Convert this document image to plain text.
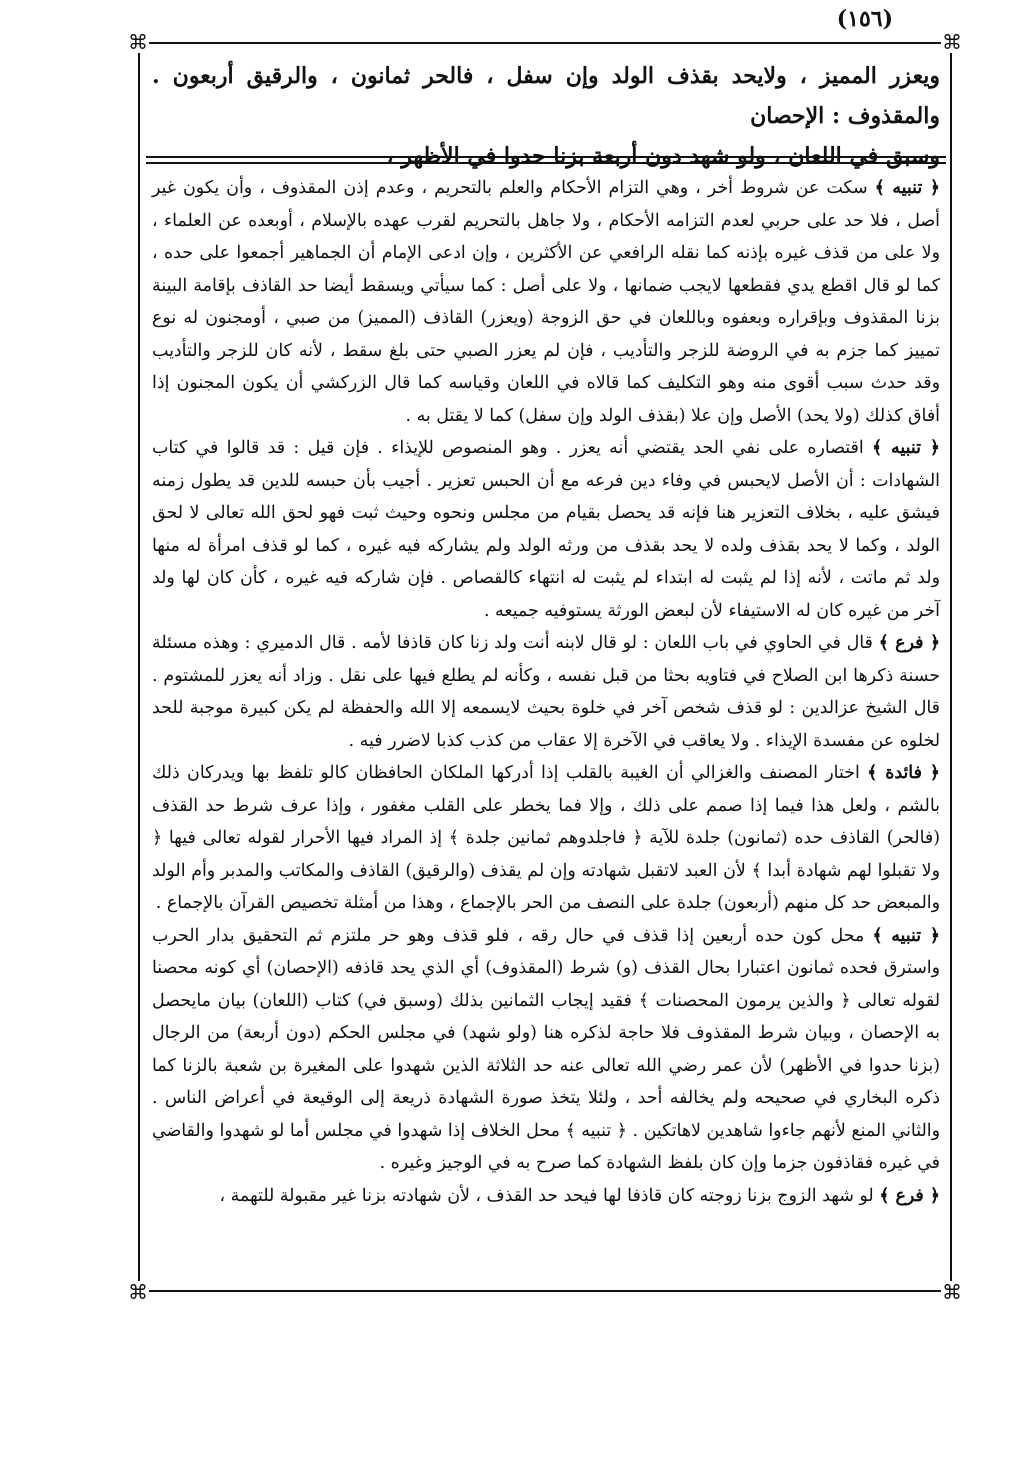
(١٥٦)
⌘	⌘
⌘	⌘

ويعزر المميز ، ولايحد بقذف الولد وإن سفل ، فالحر ثمانون ، والرقيق أربعون . والمقذوف : الإحصان

وسبق في اللعان ، ولو شهد دون أربعة بزنا حدوا في الأظهر ،

﴿ تنبيه ﴾ سكت عن شروط أخر ، وهي التزام الأحكام والعلم بالتحريم ، وعدم إذن المقذوف ، وأن يكون غير أصل ، فلا حد على حربي لعدم التزامه الأحكام ، ولا جاهل بالتحريم لقرب عهده بالإسلام ، أوبعده عن العلماء ، ولا على من قذف غيره بإذنه كما نقله الرافعي عن الأكثرين ، وإن ادعى الإمام أن الجماهير أجمعوا على حده ، كما لو قال اقطع يدي فقطعها لايجب ضمانها ، ولا على أصل : كما سيأتي ويسقط أيضا حد القاذف بإقامة البينة بزنا المقذوف وبإقراره وبعفوه وباللعان في حق الزوجة (ويعزر) القاذف (المميز) من صبي ، أومجنون له نوع تمييز كما جزم به في الروضة للزجر والتأديب ، فإن لم يعزر الصبي حتى بلغ سقط ، لأنه كان للزجر والتأديب وقد حدث سبب أقوى منه وهو التكليف كما قالاه في اللعان وقياسه كما قال الزركشي أن يكون المجنون إذا أفاق كذلك (ولا يحد) الأصل وإن علا (بقذف الولد وإن سفل) كما لا يقتل به .

﴿ تنبيه ﴾ اقتصاره على نفي الحد يقتضي أنه يعزر . وهو المنصوص للإيذاء . فإن قيل : قد قالوا في كتاب الشهادات : أن الأصل لايحبس في وفاء دين فرعه مع أن الحبس تعزير . أجيب بأن حبسه للدين قد يطول زمنه فيشق عليه ، بخلاف التعزير هنا فإنه قد يحصل بقيام من مجلس ونحوه وحيث ثبت فهو لحق الله تعالى لا لحق الولد ، وكما لا يحد بقذف ولده لا يحد بقذف من ورثه الولد ولم يشاركه فيه غيره ، كما لو قذف امرأة له منها ولد ثم ماتت ، لأنه إذا لم يثبت له ابتداء لم يثبت له انتهاء كالقصاص . فإن شاركه فيه غيره ، كأن كان لها ولد آخر من غيره كان له الاستيفاء لأن لبعض الورثة يستوفيه جميعه .

﴿ فرع ﴾ قال في الحاوي في باب اللعان : لو قال لابنه أنت ولد زنا كان قاذفا لأمه . قال الدميري : وهذه مسئلة حسنة ذكرها ابن الصلاح في فتاويه بحثا من قبل نفسه ، وكأنه لم يطلع فيها على نقل . وزاد أنه يعزر للمشتوم . قال الشيخ عزالدين : لو قذف شخص آخر في خلوة بحيث لايسمعه إلا الله والحفظة لم يكن كبيرة موجبة للحد لخلوه عن مفسدة الإيذاء . ولا يعاقب في الآخرة إلا عقاب من كذب كذبا لاضرر فيه .

﴿ فائدة ﴾ اختار المصنف والغزالي أن الغيبة بالقلب إذا أدركها الملكان الحافظان كالو تلفظ بها ويدركان ذلك بالشم ، ولعل هذا فيما إذا صمم على ذلك ، وإلا فما يخطر على القلب مغفور ، وإذا عرف شرط حد القذف (فالحر) القاذف حده (ثمانون) جلدة للآية ﴿ فاجلدوهم ثمانين جلدة ﴾ إذ المراد فيها الأحرار لقوله تعالى فيها ﴿ ولا تقبلوا لهم شهادة أبدا ﴾ لأن العبد لاتقبل شهادته وإن لم يقذف (والرقيق) القاذف والمكاتب والمدبر وأم الولد والمبعض حد كل منهم (أربعون) جلدة على النصف من الحر بالإجماع ، وهذا من أمثلة تخصيص القرآن بالإجماع .

﴿ تنبيه ﴾ محل كون حده أربعين إذا قذف في حال رقه ، فلو قذف وهو حر ملتزم ثم التحقيق بدار الحرب واسترق فحده ثمانون اعتبارا بحال القذف (و) شرط (المقذوف) أي الذي يحد قاذفه (الإحصان) أي كونه محصنا لقوله تعالى ﴿ والذين يرمون المحصنات ﴾ فقيد إيجاب الثمانين بذلك (وسبق في) كتاب (اللعان) بيان مايحصل به الإحصان ، وبيان شرط المقذوف فلا حاجة لذكره هنا (ولو شهد) في مجلس الحكم (دون أربعة) من الرجال (بزنا حدوا في الأظهر) لأن عمر رضي الله تعالى عنه حد الثلاثة الذين شهدوا على المغيرة بن شعبة بالزنا كما ذكره البخاري في صحيحه ولم يخالفه أحد ، ولئلا يتخذ صورة الشهادة ذريعة إلى الوقيعة في أعراض الناس . والثاني المنع لأنهم جاءوا شاهدين لاهاتكين . ﴿ تنبيه ﴾ محل الخلاف إذا شهدوا في مجلس أما لو شهدوا والقاضي في غيره فقاذفون جزما وإن كان بلفظ الشهادة كما صرح به في الوجيز وغيره .

﴿ فرع ﴾ لو شهد الزوج بزنا زوجته كان قاذفا لها فيحد حد القذف ، لأن شهادته بزنا غير مقبولة للتهمة ،
